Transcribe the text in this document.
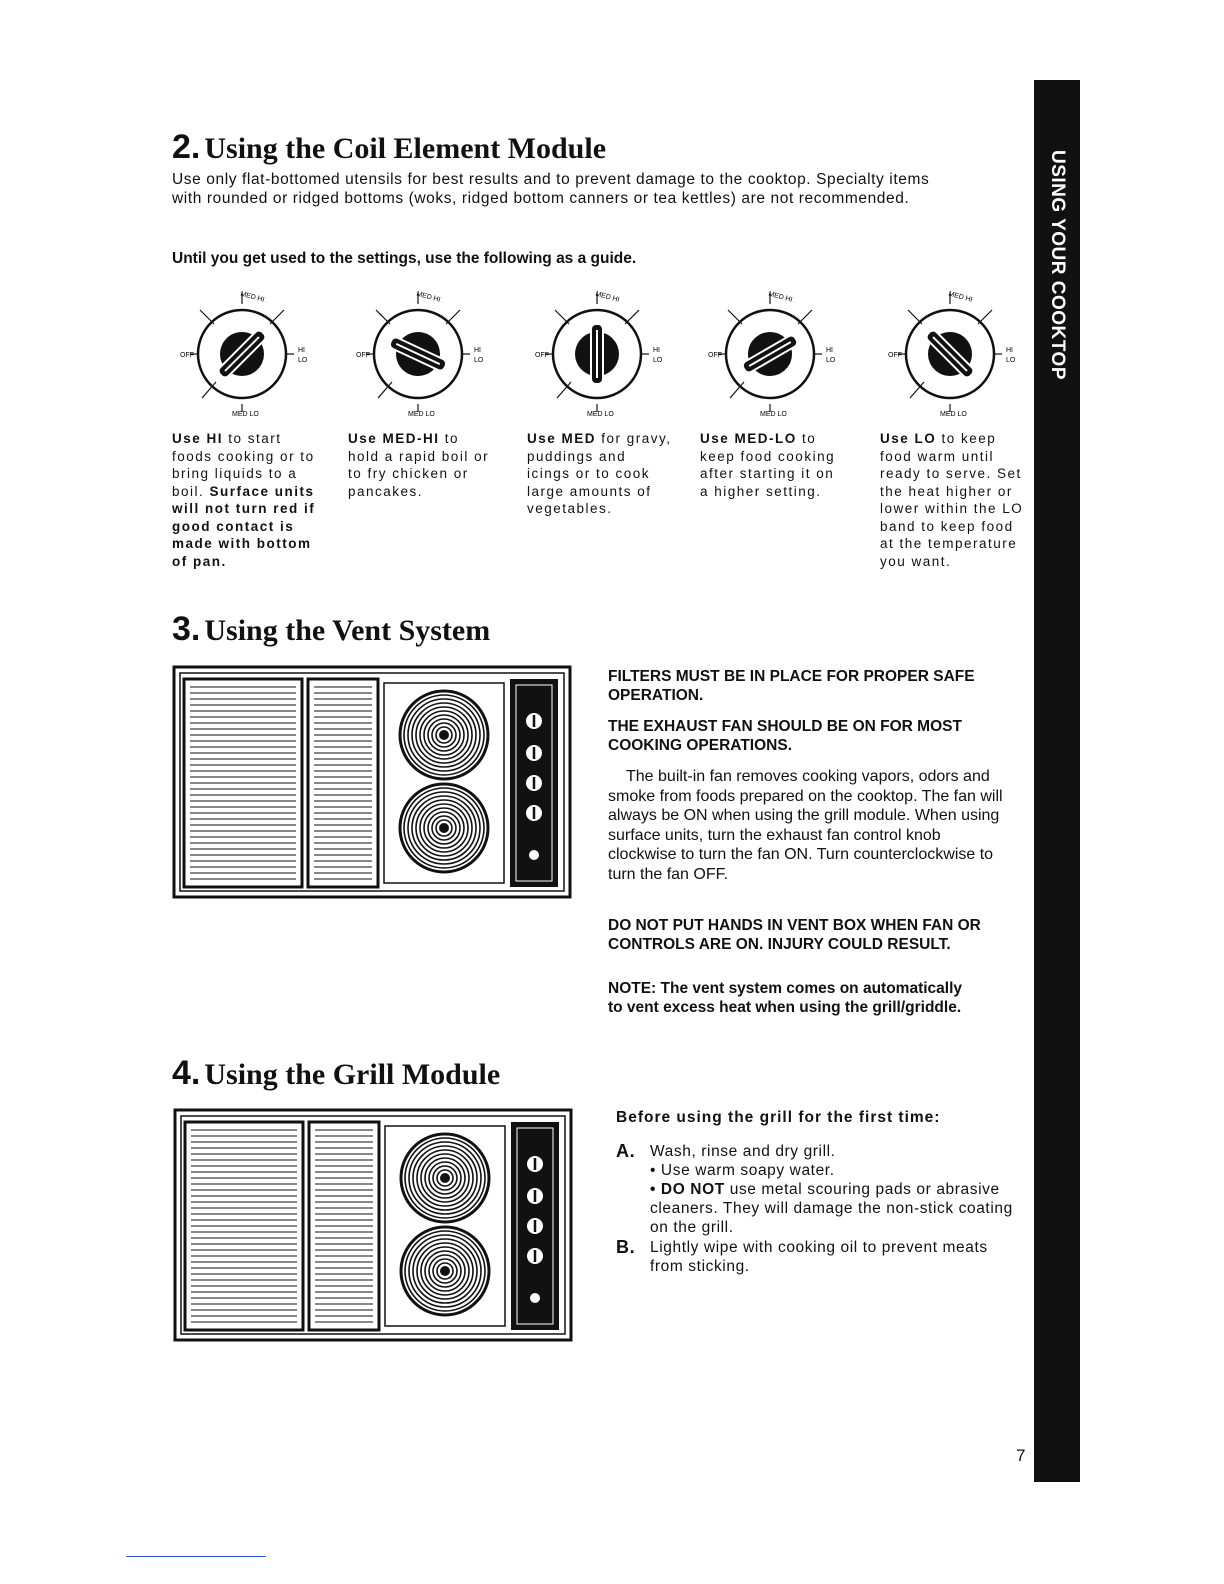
USING YOUR COOKTOP
2. Using the Coil Element Module
Use only flat-bottomed utensils for best results and to prevent damage to the cooktop. Specialty items with rounded or ridged bottoms (woks, ridged bottom canners or tea kettles) are not recommended.
Until you get used to the settings, use the following as a guide.
OFF
MED HI
HI
LO
MED LO
OFF
MED HI
HI
LO
MED LO
OFF
MED HI
HI
LO
MED LO
OFF
MED HI
HI
LO
MED LO
OFF
MED HI
HI
LO
MED LO
Use HI to start foods cooking or to bring liquids to a boil. Surface units will not turn red if good contact is made with bottom of pan.
Use MED-HI to hold a rapid boil or to fry chicken or pancakes.
Use MED for gravy, puddings and icings or to cook large amounts of vegetables.
Use MED-LO to keep food cooking after starting it on a higher setting.
Use LO to keep food warm until ready to serve. Set the heat higher or lower within the LO band to keep food at the temperature you want.
3. Using the Vent System
FILTERS MUST BE IN PLACE FOR PROPER SAFE OPERATION.
THE EXHAUST FAN SHOULD BE ON FOR MOST COOKING OPERATIONS.
The built-in fan removes cooking vapors, odors and smoke from foods prepared on the cooktop. The fan will always be ON when using the grill module. When using surface units, turn the exhaust fan control knob clockwise to turn the fan ON. Turn counterclockwise to turn the fan OFF.
DO NOT PUT HANDS IN VENT BOX WHEN FAN OR CONTROLS ARE ON. INJURY COULD RESULT.
NOTE: The vent system comes on automatically to vent excess heat when using the grill/griddle.
4. Using the Grill Module
Before using the grill for the first time:
A. Wash, rinse and dry grill.
• Use warm soapy water.
• DO NOT use metal scouring pads or abrasive cleaners. They will damage the non-stick coating on the grill.
B. Lightly wipe with cooking oil to prevent meats from sticking.
7
